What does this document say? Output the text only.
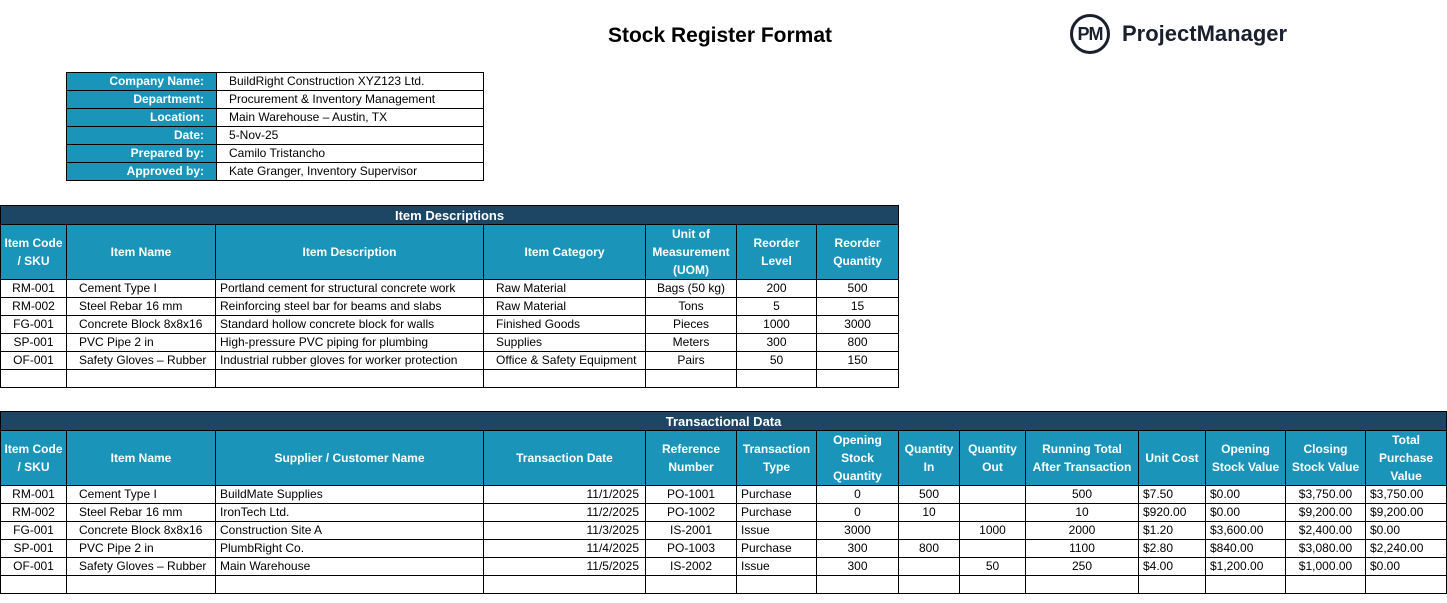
Stock Register Format	PM ProjectManager
Company Name:	BuildRight Construction XYZ123 Ltd.
Department:	Procurement & Inventory Management
Location:	Main Warehouse – Austin, TX
Date:	5-Nov-25
Prepared by:	Camilo Tristancho
Approved by:	Kate Granger, Inventory Supervisor
Item Descriptions						
Item Code / SKU	Item Name	Item Description	Item Category	Unit of Measurement (UOM)	Reorder Level	Reorder Quantity
RM-001	Cement Type I	Portland cement for structural concrete work	Raw Material	Bags (50 kg)	200	500
RM-002	Steel Rebar 16 mm	Reinforcing steel bar for beams and slabs	Raw Material	Tons	5	15
FG-001	Concrete Block 8x8x16	Standard hollow concrete block for walls	Finished Goods	Pieces	1000	3000
SP-001	PVC Pipe 2 in	High-pressure PVC piping for plumbing	Supplies	Meters	300	800
OF-001	Safety Gloves – Rubber	Industrial rubber gloves for worker protection	Office & Safety Equipment	Pairs	50	150

Transactional Data													
Item Code / SKU	Item Name	Supplier / Customer Name	Transaction Date	Reference Number	Transaction Type	Opening Stock Quantity	Quantity In	Quantity Out	Running Total After Transaction	Unit Cost	Opening Stock Value	Closing Stock Value	Total Purchase Value
RM-001	Cement Type I	BuildMate Supplies	11/1/2025	PO-1001	Purchase	0	500		500	$7.50	$0.00	$3,750.00	$3,750.00
RM-002	Steel Rebar 16 mm	IronTech Ltd.	11/2/2025	PO-1002	Purchase	0	10		10	$920.00	$0.00	$9,200.00	$9,200.00
FG-001	Concrete Block 8x8x16	Construction Site A	11/3/2025	IS-2001	Issue	3000		1000	2000	$1.20	$3,600.00	$2,400.00	$0.00
SP-001	PVC Pipe 2 in	PlumbRight Co.	11/4/2025	PO-1003	Purchase	300	800		1100	$2.80	$840.00	$3,080.00	$2,240.00
OF-001	Safety Gloves – Rubber	Main Warehouse	11/5/2025	IS-2002	Issue	300		50	250	$4.00	$1,200.00	$1,000.00	$0.00
